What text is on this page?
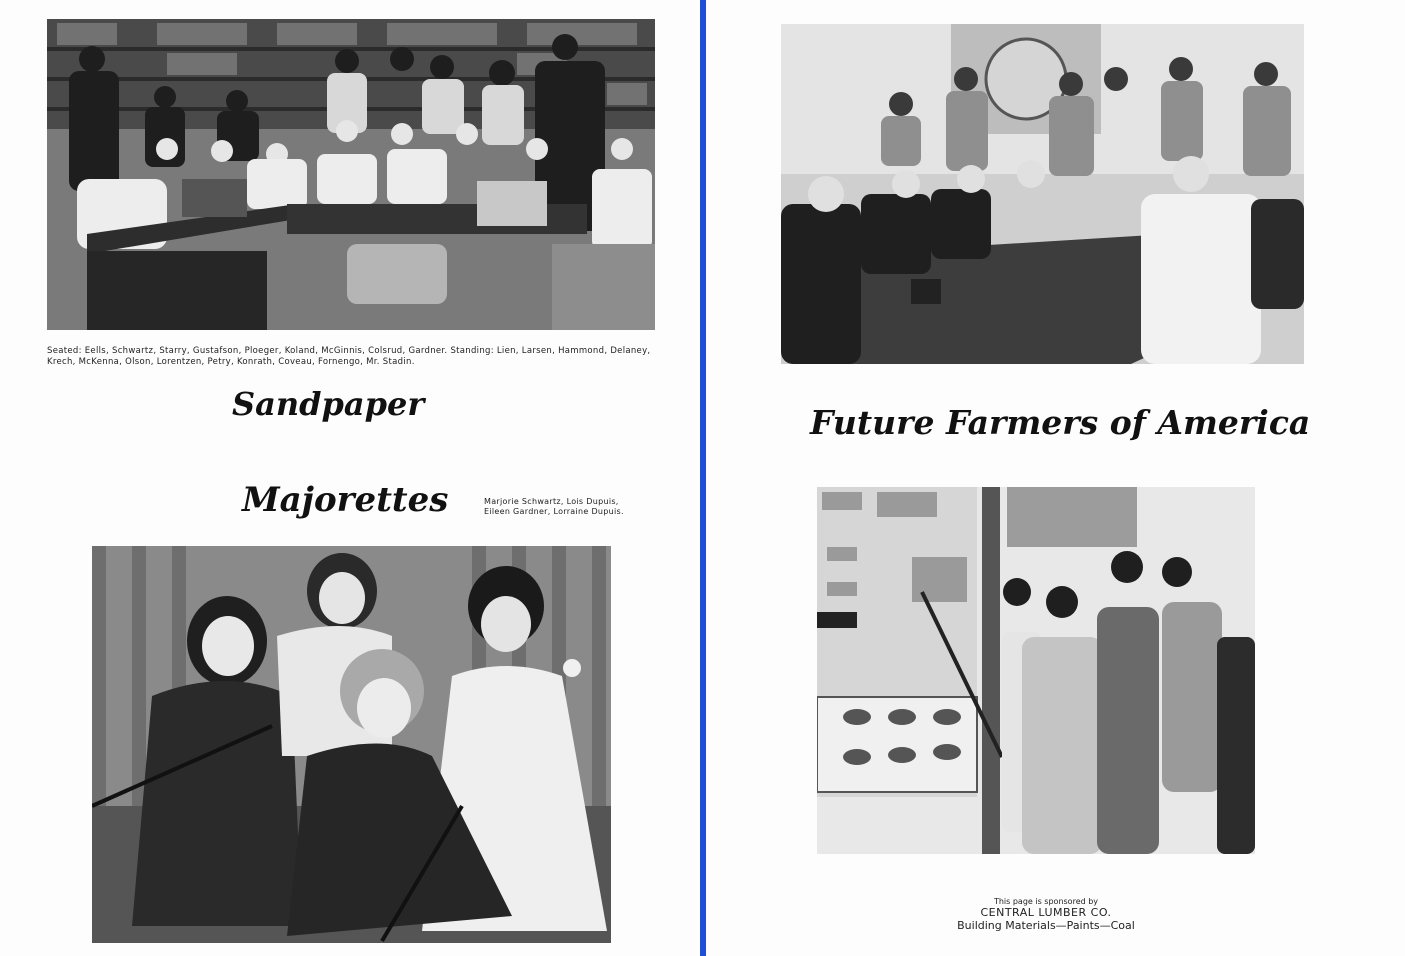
Seated: Eells, Schwartz, Starry, Gustafson, Ploeger, Koland, McGinnis, Colsrud, Gardner. Standing: Lien, Larsen, Hammond, Delaney,
Krech, McKenna, Olson, Lorentzen, Petry, Konrath, Coveau, Fornengo, Mr. Stadin.
Sandpaper
Majorettes	Marjorie Schwartz, Lois Dupuis,
Eileen Gardner, Lorraine Dupuis.
Future Farmers of America
This page is sponsored by
CENTRAL LUMBER CO.
Building Materials—Paints—Coal
